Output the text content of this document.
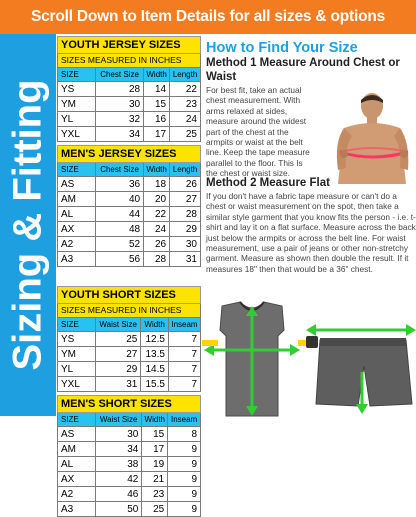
Scroll Down to Item Details for all sizes & options
Sizing & Fitting
YOUTH JERSEY SIZES			
SIZES MEASURED IN INCHES			
SIZE	Chest Size	Width	Length
YS	28	14	22
YM	30	15	23
YL	32	16	24
YXL	34	17	25
MEN'S JERSEY SIZES			
SIZE	Chest Size	Width	Length
AS	36	18	26
AM	40	20	27
AL	44	22	28
AX	48	24	29
A2	52	26	30
A3	56	28	31
YOUTH SHORT SIZES			
SIZES MEASURED IN INCHES			
SIZE	Waist Size	Width	Inseam
YS	25	12.5	7
YM	27	13.5	7
YL	29	14.5	7
YXL	31	15.5	7
MEN'S SHORT SIZES			
SIZE	Waist Size	Width	Inseam
AS	30	15	8
AM	34	17	9
AL	38	19	9
AX	42	21	9
A2	46	23	9
A3	50	25	9
How to Find Your Size
Method 1 Measure Around Chest or Waist
For best fit, take an actual chest measurement. With arms relaxed at sides, measure around the widest part of the chest at the armpits or waist at the belt line. Keep the tape measure parallel to the floor. This Is the chest or waist size.
Method 2 Measure Flat
If you don't have a fabric tape measure or can't do a chest or waist measurement on the spot, then take a similar style garment that you know fits the person - i.e. t-shirt and lay it on a flat surface. Measure across the back just below the armpits or across the belt line. For waist measurement, use a pair of jeans or other non-stretchy garment. Measure as shown then double the result. If it measures 18" then that would be a 36" chest.
